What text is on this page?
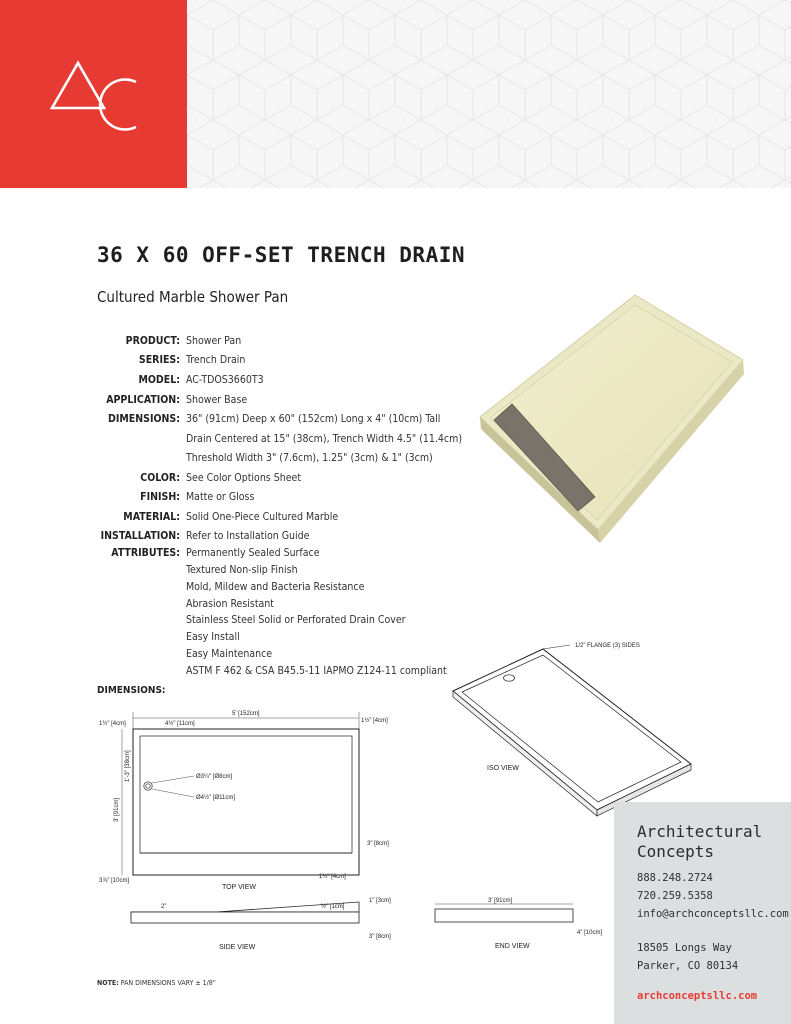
36 X 60 OFF-SET TRENCH DRAIN
Cultured Marble Shower Pan
PRODUCT: Shower Pan
SERIES: Trench Drain
MODEL: AC-TDOS3660T3
APPLICATION: Shower Base
DIMENSIONS: 36" (91cm) Deep x 60" (152cm) Long x 4" (10cm) Tall
Drain Centered at 15" (38cm), Trench Width 4.5" (11.4cm)
Threshold Width 3" (7.6cm), 1.25" (3cm) & 1" (3cm)
COLOR: See Color Options Sheet
FINISH: Matte or Gloss
MATERIAL: Solid One-Piece Cultured Marble
INSTALLATION: Refer to Installation Guide
ATTRIBUTES: Permanently Sealed Surface
Textured Non-slip Finish
Mold, Mildew and Bacteria Resistance
Abrasion Resistant
Stainless Steel Solid or Perforated Drain Cover
Easy Install
Easy Maintenance
ASTM F 462 & CSA B45.5-11 IAPMO Z124-11 compliant
DIMENSIONS:
1/2" FLANGE (3) SIDES
ISO VIEW
5' [152cm]
1½" [4cm]	4½" [11cm]	1½" [4cm]
3' [91cm]
1'-3" [38cm]	Ø3¼" [Ø8cm]
Ø4½" [Ø11cm]
3" [8cm]
1½" [4cm]
3⅞" [10cm]
TOP VIEW
2"	½" [1cm]
1" [3cm]
3" [8cm]
SIDE VIEW
3' [91cm]
4" [10cm]
END VIEW
Architectural
Concepts
888.248.2724
720.259.5358
info@archconceptsllc.com
18505 Longs Way
Parker, CO 80134
archconceptsllc.com
NOTE: PAN DIMENSIONS VARY ± 1/8"
